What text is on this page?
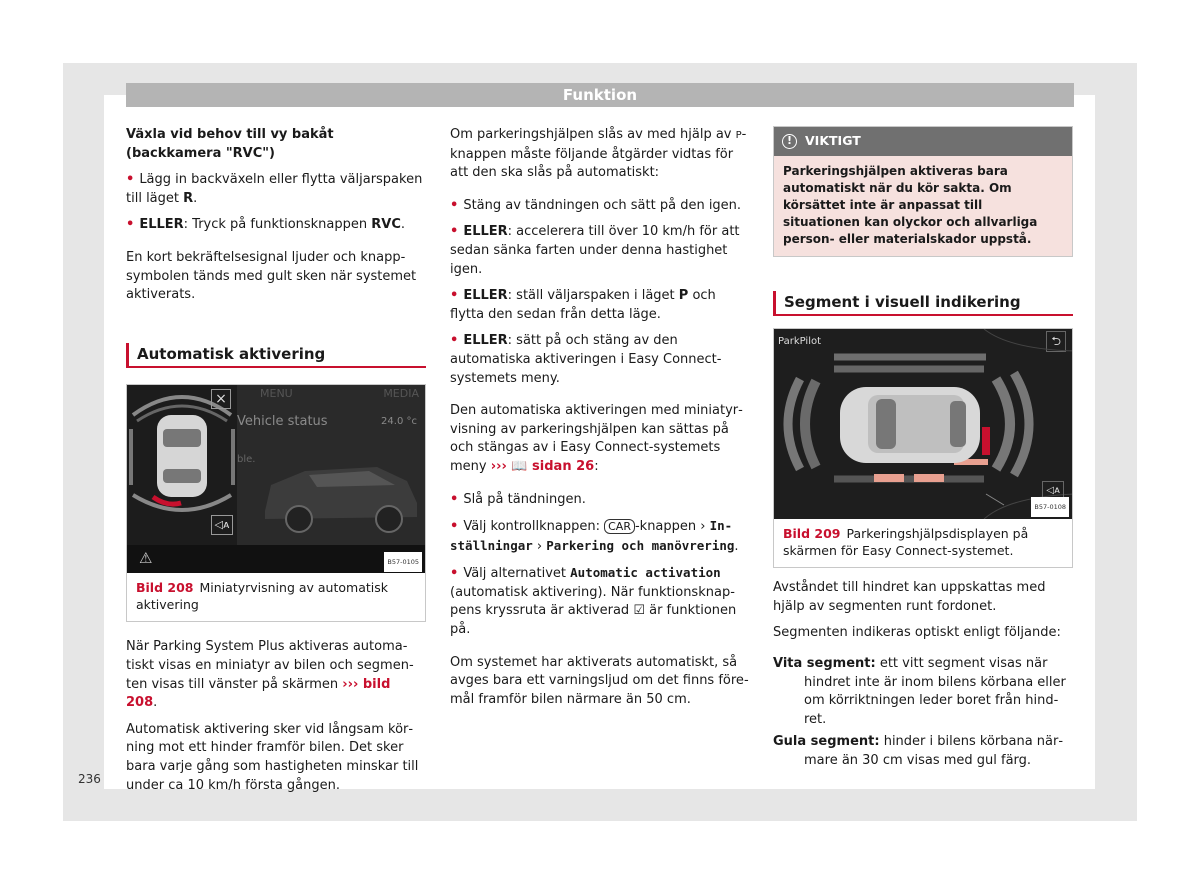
Funktion

Växla vid behov till vy bakåt (backkamera "RVC")

• Lägg in backväxeln eller flytta väljarspaken till läget R.

• ELLER: Tryck på funktionsknappen RVC.

En kort bekräftelsesignal ljuder och knappsymbolen tänds med gult sken när systemet aktiverats.

Automatisk aktivering
×
◁ᴀ
MENU	MEDIA
Vehicle status	24.0 °c
ble.
⚠	B57-0105
Bild 208 Miniatyrvisning av automatisk aktivering

När Parking System Plus aktiveras automatiskt visas en miniatyr av bilen och segmenten visas till vänster på skärmen ››› bild 208.

Automatisk aktivering sker vid långsam körning mot ett hinder framför bilen. Det sker bara varje gång som hastigheten minskar till under ca 10 km/h första gången.

Om parkeringshjälpen slås av med hjälp av P-knappen måste följande åtgärder vidtas för att den ska slås på automatiskt:

• Stäng av tändningen och sätt på den igen.

• ELLER: accelerera till över 10 km/h för att sedan sänka farten under denna hastighet igen.

• ELLER: ställ väljarspaken i läget P och flytta den sedan från detta läge.

• ELLER: sätt på och stäng av den automatiska aktiveringen i Easy Connect-systemets meny.

Den automatiska aktiveringen med miniatyrvisning av parkeringshjälpen kan sättas på och stängas av i Easy Connect-systemets meny ››› 📖 sidan 26:

• Slå på tändningen.

• Välj kontrollknappen: CAR -knappen › Inställningar › Parkering och manövrering.

• Välj alternativet Automatic activation (automatisk aktivering). När funktionsknappens kryssruta är aktiverad ☑ är funktionen på.

Om systemet har aktiverats automatiskt, så avges bara ett varningsljud om det finns föremål framför bilen närmare än 50 cm.

!	VIKTIGT
Parkeringshjälpen aktiveras bara automatiskt när du kör sakta. Om körsättet inte är anpassat till situationen kan olyckor och allvarliga person- eller materialskador uppstå.
Segment i visuell indikering
ParkPilot	⮌
◁ᴀ
B57-0108
Bild 209 Parkeringshjälpsdisplayen på skärmen för Easy Connect-systemet.

Avståndet till hindret kan uppskattas med hjälp av segmenten runt fordonet.

Segmenten indikeras optiskt enligt följande:

Vita segment: ett vitt segment visas när hindret inte är inom bilens körbana eller om körriktningen leder boret från hindret.

Gula segment: hinder i bilens körbana närmare än 30 cm visas med gul färg.

236
